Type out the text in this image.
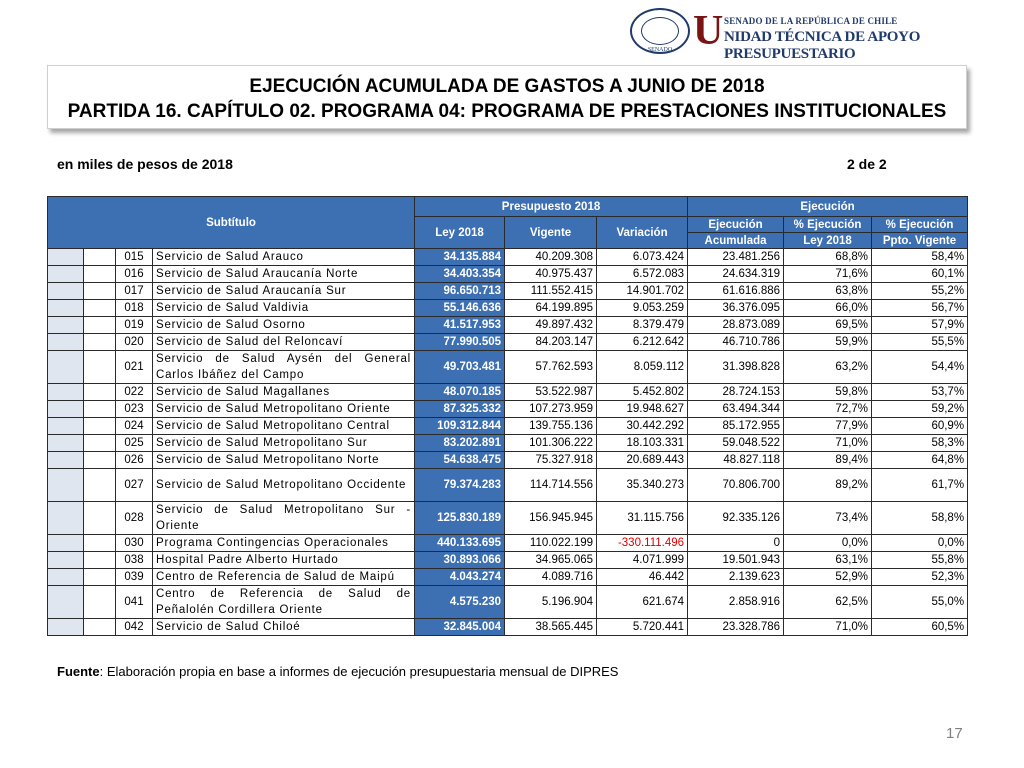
SENADO U SENADO DE LA REPÚBLICA DE CHILE
NIDAD TÉCNICA DE APOYO PRESUPUESTARIO
EJECUCIÓN ACUMULADA DE GASTOS A JUNIO DE 2018
PARTIDA 16. CAPÍTULO 02. PROGRAMA 04: PROGRAMA DE PRESTACIONES INSTITUCIONALES
en miles de pesos de 2018	2 de 2
Subtítulo				Presupuesto 2018			Ejecución		
				Ley 2018	Vigente	Variación	Ejecución	% Ejecución	% Ejecución
							Acumulada	Ley 2018	Ppto. Vigente
		015	Servicio de Salud Arauco	34.135.884	40.209.308	6.073.424	23.481.256	68,8%	58,4%
		016	Servicio de Salud Araucanía Norte	34.403.354	40.975.437	6.572.083	24.634.319	71,6%	60,1%
		017	Servicio de Salud Araucanía Sur	96.650.713	111.552.415	14.901.702	61.616.886	63,8%	55,2%
		018	Servicio de Salud Valdivia	55.146.636	64.199.895	9.053.259	36.376.095	66,0%	56,7%
		019	Servicio de Salud Osorno	41.517.953	49.897.432	8.379.479	28.873.089	69,5%	57,9%
		020	Servicio de Salud del Reloncaví	77.990.505	84.203.147	6.212.642	46.710.786	59,9%	55,5%
		021	Servicio de Salud Aysén del General Carlos Ibáñez del Campo	49.703.481	57.762.593	8.059.112	31.398.828	63,2%	54,4%
		022	Servicio de Salud Magallanes	48.070.185	53.522.987	5.452.802	28.724.153	59,8%	53,7%
		023	Servicio de Salud Metropolitano Oriente	87.325.332	107.273.959	19.948.627	63.494.344	72,7%	59,2%
		024	Servicio de Salud Metropolitano Central	109.312.844	139.755.136	30.442.292	85.172.955	77,9%	60,9%
		025	Servicio de Salud Metropolitano Sur	83.202.891	101.306.222	18.103.331	59.048.522	71,0%	58,3%
		026	Servicio de Salud Metropolitano Norte	54.638.475	75.327.918	20.689.443	48.827.118	89,4%	64,8%
		027	Servicio de Salud Metropolitano Occidente	79.374.283	114.714.556	35.340.273	70.806.700	89,2%	61,7%
		028	Servicio de Salud Metropolitano Sur - Oriente	125.830.189	156.945.945	31.115.756	92.335.126	73,4%	58,8%
		030	Programa Contingencias Operacionales	440.133.695	110.022.199	-330.111.496	0	0,0%	0,0%
		038	Hospital Padre Alberto Hurtado	30.893.066	34.965.065	4.071.999	19.501.943	63,1%	55,8%
		039	Centro de Referencia de Salud de Maipú	4.043.274	4.089.716	46.442	2.139.623	52,9%	52,3%
		041	Centro de Referencia de Salud de Peñalolén Cordillera Oriente	4.575.230	5.196.904	621.674	2.858.916	62,5%	55,0%
		042	Servicio de Salud Chiloé	32.845.004	38.565.445	5.720.441	23.328.786	71,0%	60,5%
Fuente: Elaboración propia en base a informes de ejecución presupuestaria mensual de DIPRES
17
